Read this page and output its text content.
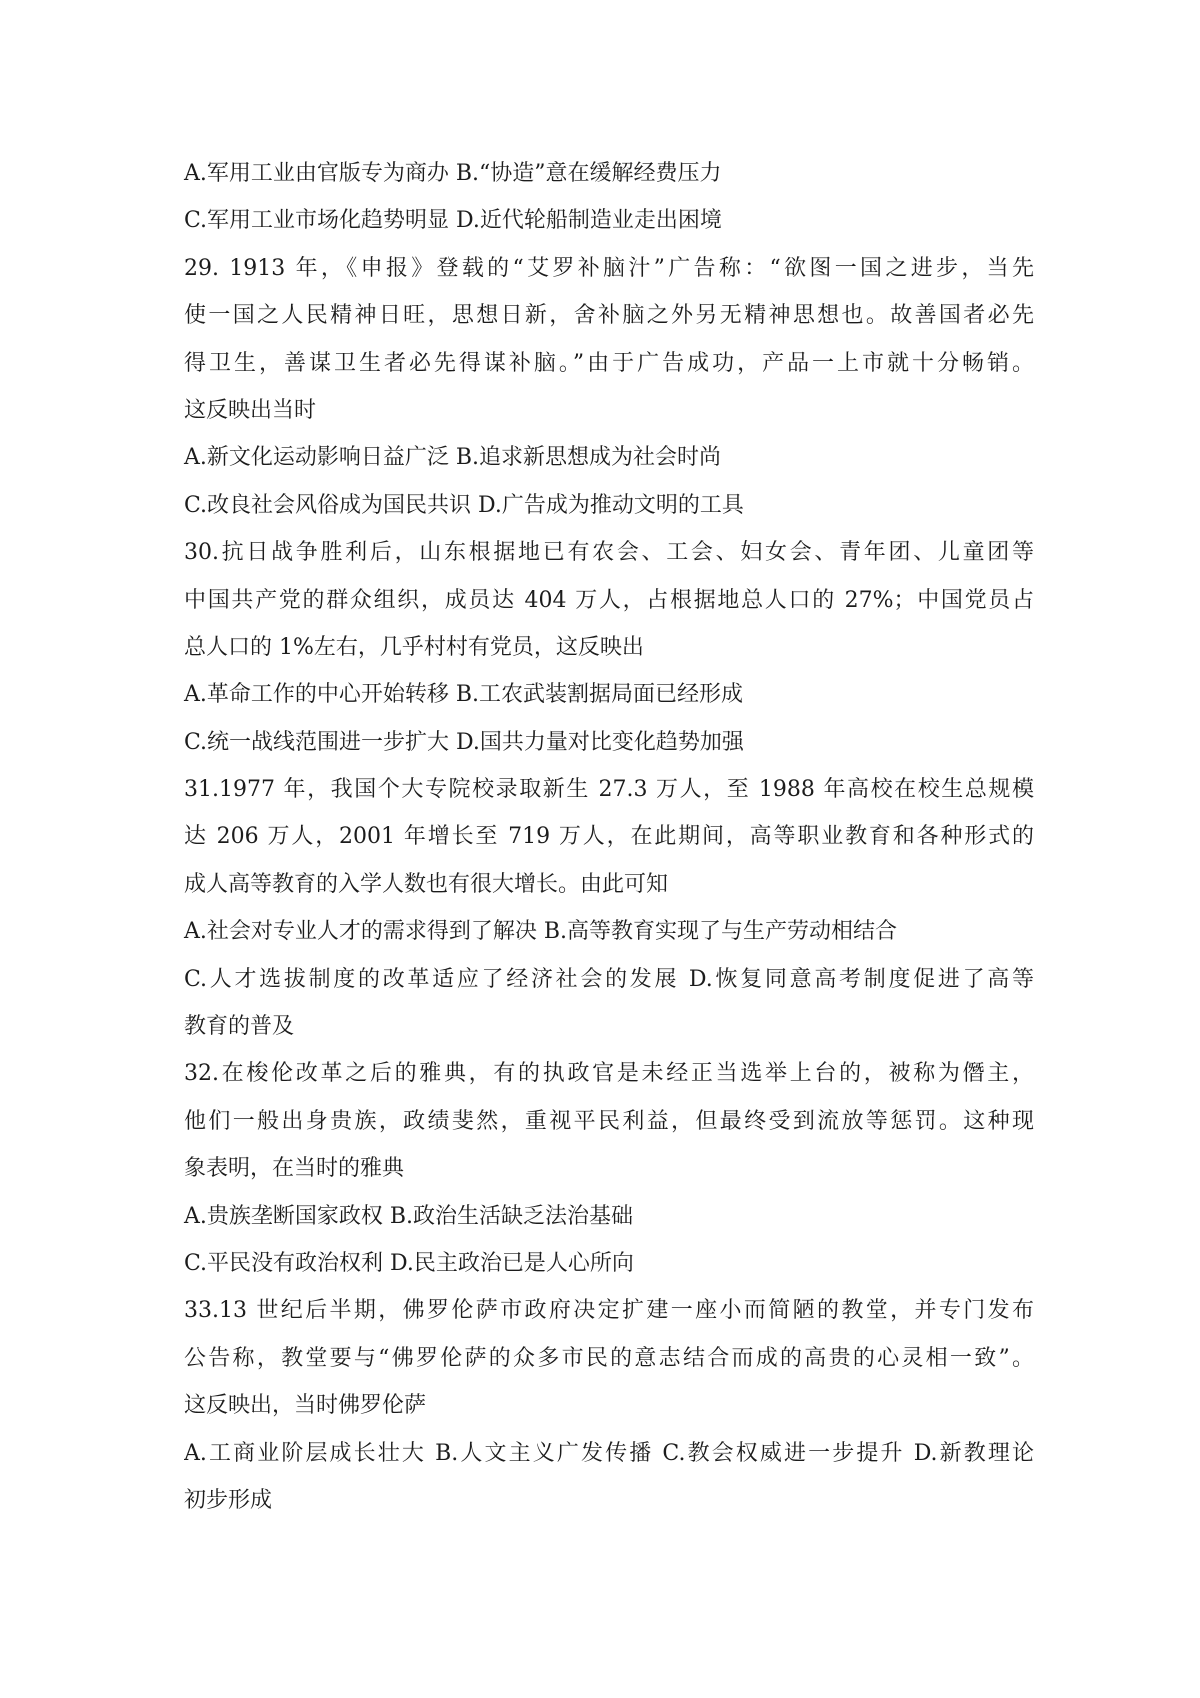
A.军用工业由官版专为商办 B.“协造”意在缓解经费压力
C.军用工业市场化趋势明显 D.近代轮船制造业走出困境
29. 1913 年，《申报》登载的“艾罗补脑汁”广告称：“欲图一国之进步，当先
使一国之人民精神日旺，思想日新，舍补脑之外另无精神思想也。故善国者必先
得卫生，善谋卫生者必先得谋补脑。”由于广告成功，产品一上市就十分畅销。
这反映出当时
A.新文化运动影响日益广泛 B.追求新思想成为社会时尚
C.改良社会风俗成为国民共识 D.广告成为推动文明的工具
30.抗日战争胜利后，山东根据地已有农会、工会、妇女会、青年团、儿童团等
中国共产党的群众组织，成员达 404 万人，占根据地总人口的 27%；中国党员占
总人口的 1%左右，几乎村村有党员，这反映出
A.革命工作的中心开始转移 B.工农武装割据局面已经形成
C.统一战线范围进一步扩大 D.国共力量对比变化趋势加强
31.1977 年，我国个大专院校录取新生 27.3 万人，至 1988 年高校在校生总规模
达 206 万人，2001 年增长至 719 万人，在此期间，高等职业教育和各种形式的
成人高等教育的入学人数也有很大增长。由此可知
A.社会对专业人才的需求得到了解决 B.高等教育实现了与生产劳动相结合
C.人才选拔制度的改革适应了经济社会的发展 D.恢复同意高考制度促进了高等
教育的普及
32.在梭伦改革之后的雅典，有的执政官是未经正当选举上台的，被称为僭主，
他们一般出身贵族，政绩斐然，重视平民利益，但最终受到流放等惩罚。这种现
象表明，在当时的雅典
A.贵族垄断国家政权 B.政治生活缺乏法治基础
C.平民没有政治权利 D.民主政治已是人心所向
33.13 世纪后半期，佛罗伦萨市政府决定扩建一座小而简陋的教堂，并专门发布
公告称，教堂要与“佛罗伦萨的众多市民的意志结合而成的高贵的心灵相一致”。
这反映出，当时佛罗伦萨
A.工商业阶层成长壮大 B.人文主义广发传播 C.教会权威进一步提升 D.新教理论
初步形成
